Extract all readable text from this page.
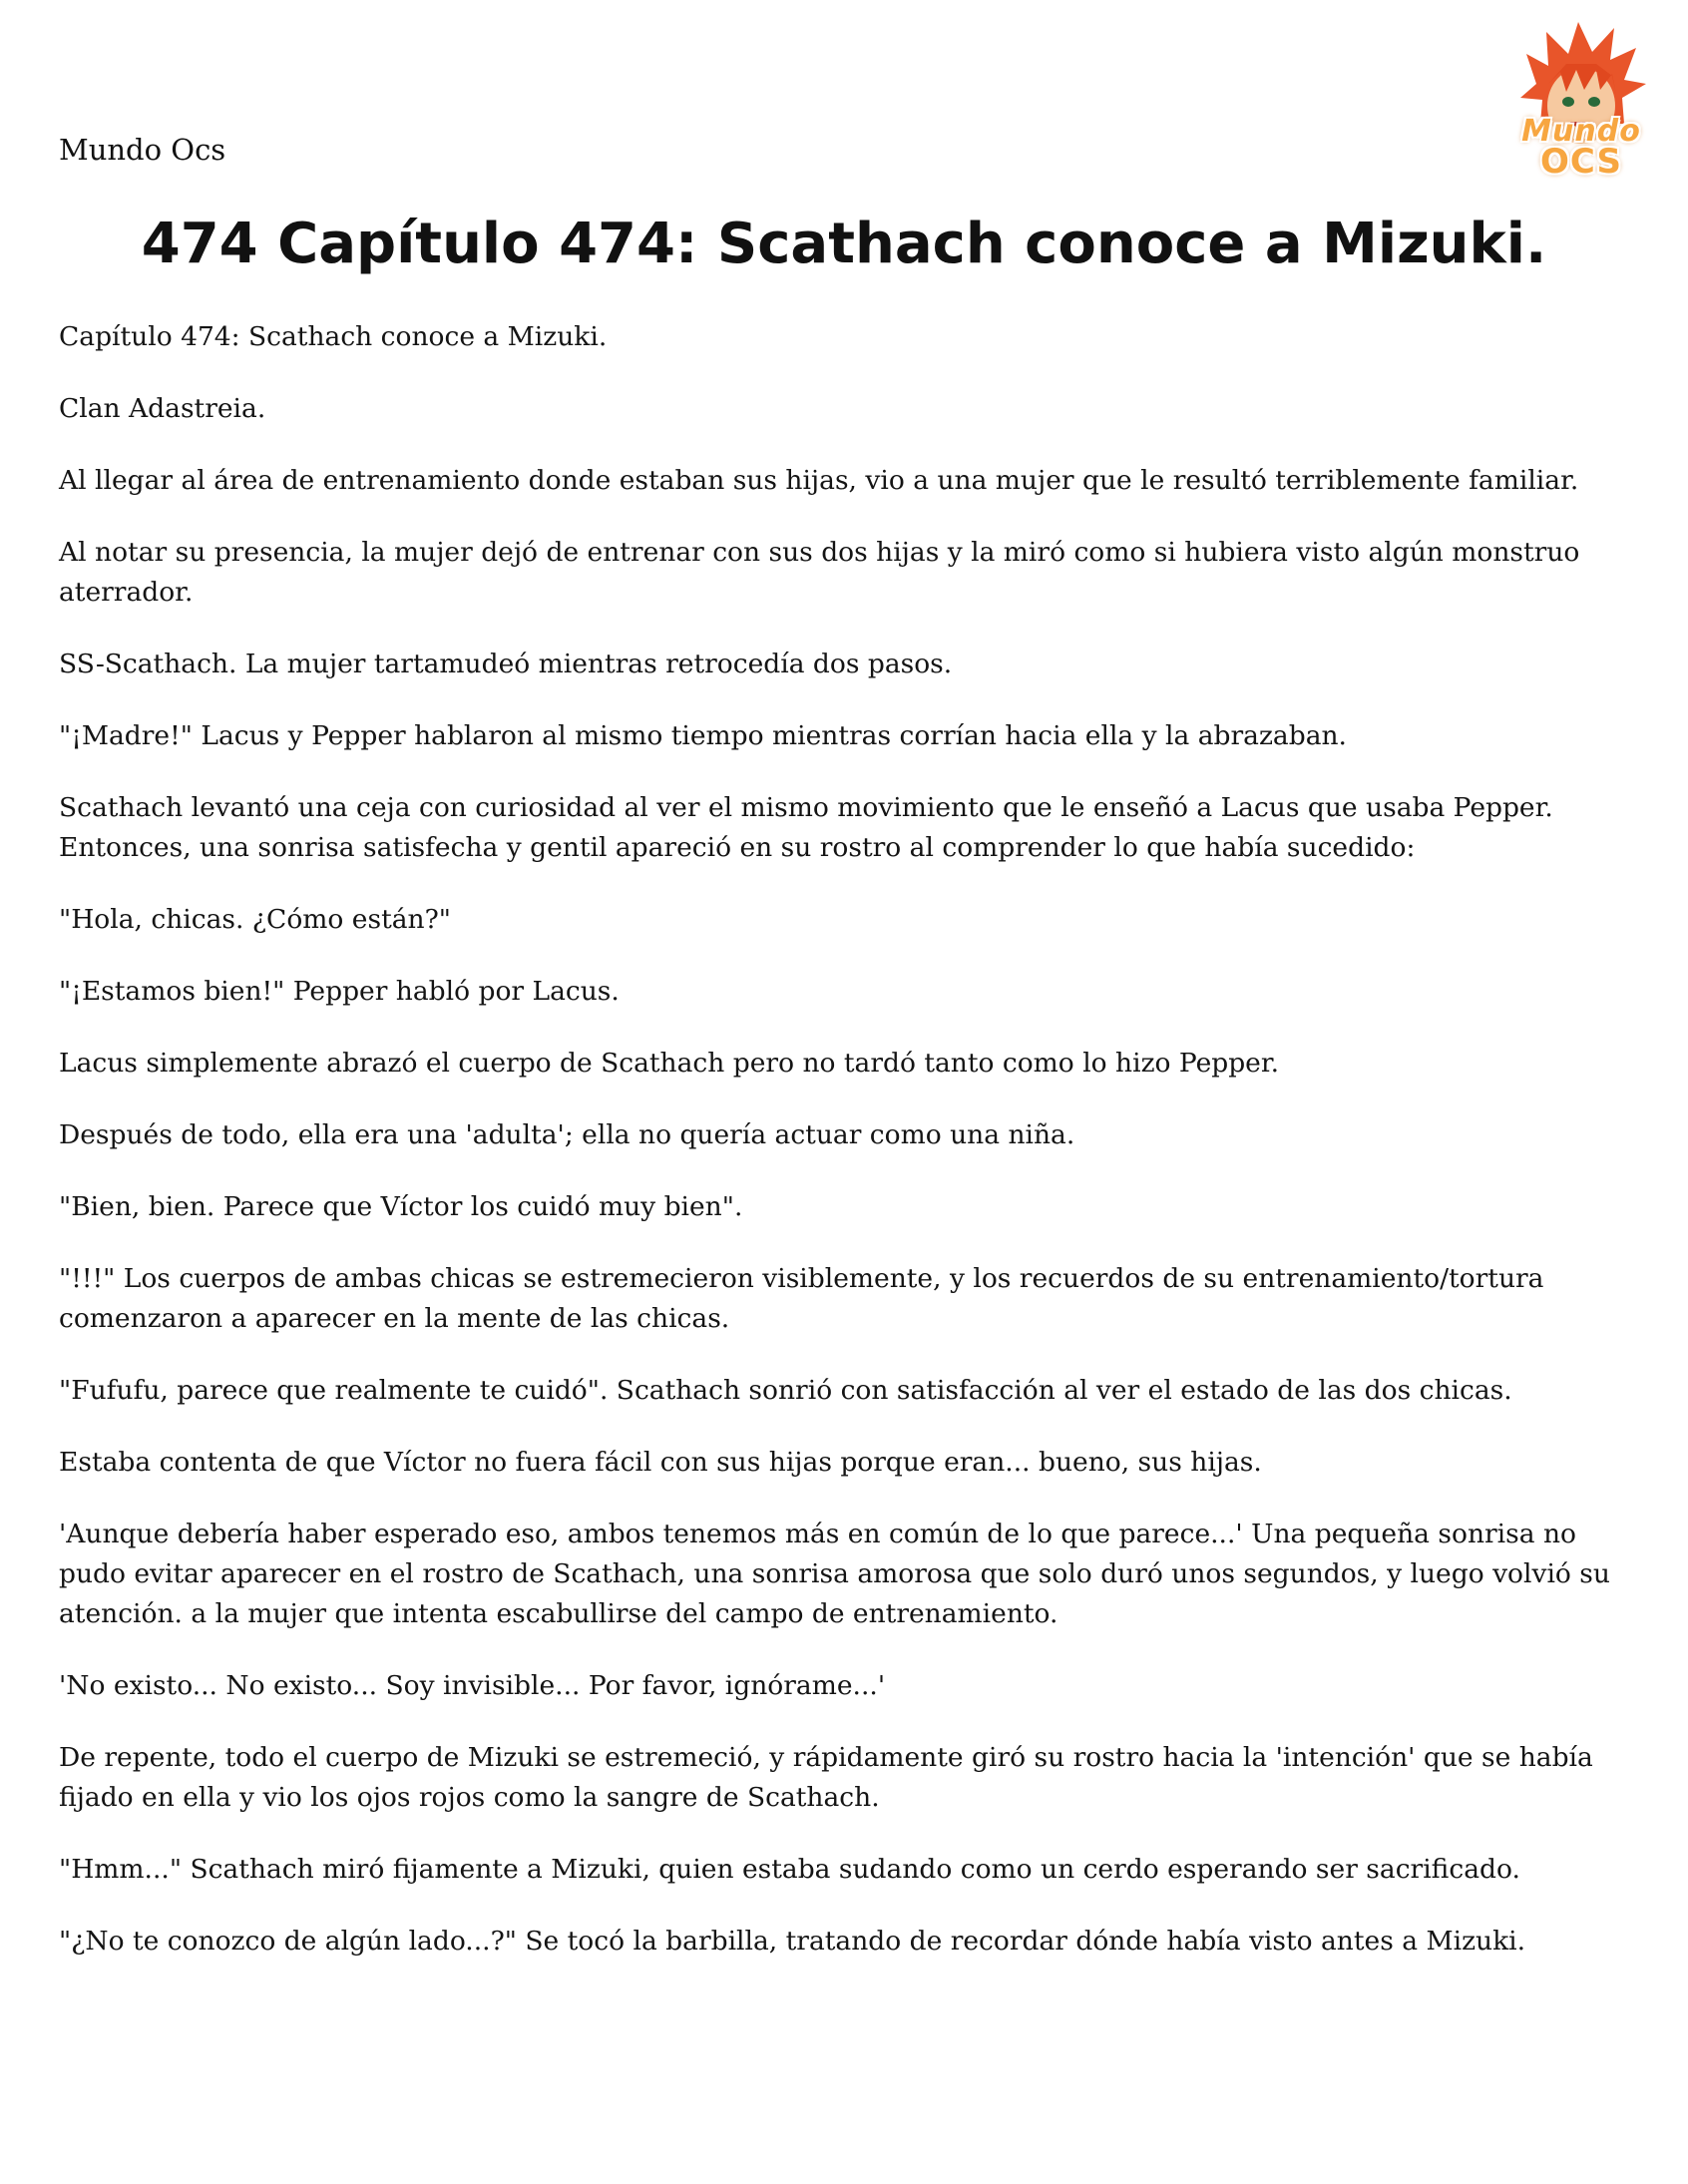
Mundo Ocs
Mundo
OCS
474 Capítulo 474: Scathach conoce a Mizuki.

Capítulo 474: Scathach conoce a Mizuki.

Clan Adastreia.

Al llegar al área de entrenamiento donde estaban sus hijas, vio a una mujer que le resultó terriblemente familiar.

Al notar su presencia, la mujer dejó de entrenar con sus dos hijas y la miró como si hubiera visto algún monstruo aterrador.

SS-Scathach. La mujer tartamudeó mientras retrocedía dos pasos.

"¡Madre!" Lacus y Pepper hablaron al mismo tiempo mientras corrían hacia ella y la abrazaban.

Scathach levantó una ceja con curiosidad al ver el mismo movimiento que le enseñó a Lacus que usaba Pepper. Entonces, una sonrisa satisfecha y gentil apareció en su rostro al comprender lo que había sucedido:

"Hola, chicas. ¿Cómo están?"

"¡Estamos bien!" Pepper habló por Lacus.

Lacus simplemente abrazó el cuerpo de Scathach pero no tardó tanto como lo hizo Pepper.

Después de todo, ella era una 'adulta'; ella no quería actuar como una niña.

"Bien, bien. Parece que Víctor los cuidó muy bien".

"!!!" Los cuerpos de ambas chicas se estremecieron visiblemente, y los recuerdos de su entrenamiento/tortura comenzaron a aparecer en la mente de las chicas.

"Fufufu, parece que realmente te cuidó". Scathach sonrió con satisfacción al ver el estado de las dos chicas.

Estaba contenta de que Víctor no fuera fácil con sus hijas porque eran... bueno, sus hijas.

'Aunque debería haber esperado eso, ambos tenemos más en común de lo que parece...' Una pequeña sonrisa no pudo evitar aparecer en el rostro de Scathach, una sonrisa amorosa que solo duró unos segundos, y luego volvió su atención. a la mujer que intenta escabullirse del campo de entrenamiento.

'No existo... No existo... Soy invisible... Por favor, ignórame...'

De repente, todo el cuerpo de Mizuki se estremeció, y rápidamente giró su rostro hacia la 'intención' que se había fijado en ella y vio los ojos rojos como la sangre de Scathach.

"Hmm..." Scathach miró fijamente a Mizuki, quien estaba sudando como un cerdo esperando ser sacrificado.

"¿No te conozco de algún lado...?" Se tocó la barbilla, tratando de recordar dónde había visto antes a Mizuki.
